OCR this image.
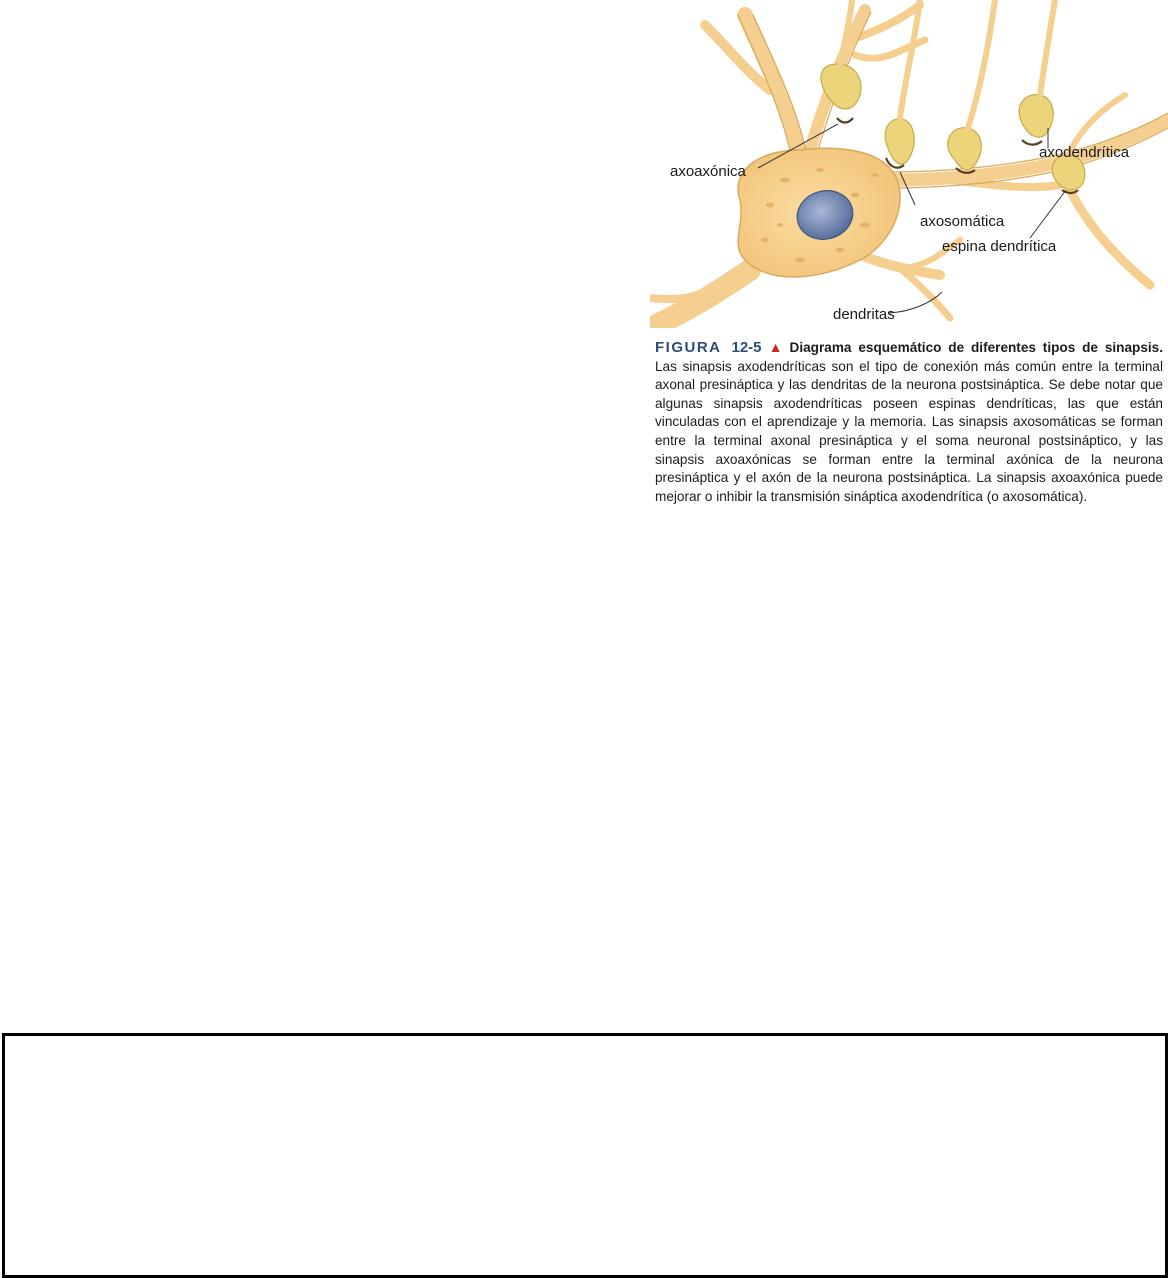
axoaxónica
axodendrítica
axosomática
espina dendrítica
dendritas

FIGURA 12-5 ▲ Diagrama esquemático de diferentes tipos de sinapsis. Las sinapsis axodendríticas son el tipo de conexión más común entre la terminal axonal presináptica y las dendritas de la neurona postsináptica. Se debe notar que algunas sinapsis axodendríticas poseen espinas dendríticas, las que están vinculadas con el aprendizaje y la memoria. Las sinapsis axosomáticas se forman entre la terminal axonal presináptica y el soma neuronal postsináptico, y las sinapsis axoaxónicas se forman entre la terminal axónica de la neurona presináptica y el axón de la neurona postsináptica. La sinapsis axoaxónica puede mejorar o inhibir la transmisión sináptica axodendrítica (o axosomática).
